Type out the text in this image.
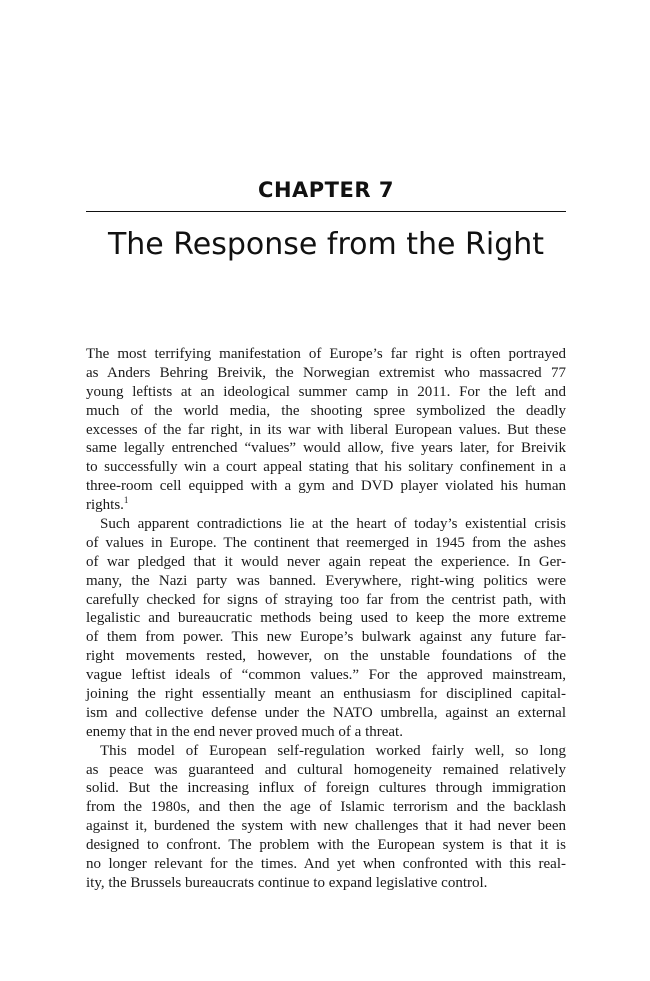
CHAPTER 7
The Response from the Right
The most terrifying manifestation of Europe’s far right is often portrayed
as Anders Behring Breivik, the Norwegian extremist who massacred 77
young leftists at an ideological summer camp in 2011. For the left and
much of the world media, the shooting spree symbolized the deadly
excesses of the far right, in its war with liberal European values. But these
same legally entrenched “values” would allow, five years later, for Breivik
to successfully win a court appeal stating that his solitary confinement in a
three-room cell equipped with a gym and DVD player violated his human
rights.$^1$
Such apparent contradictions lie at the heart of today’s existential crisis
of values in Europe. The continent that reemerged in 1945 from the ashes
of war pledged that it would never again repeat the experience. In Ger-
many, the Nazi party was banned. Everywhere, right-wing politics were
carefully checked for signs of straying too far from the centrist path, with
legalistic and bureaucratic methods being used to keep the more extreme
of them from power. This new Europe’s bulwark against any future far-
right movements rested, however, on the unstable foundations of the
vague leftist ideals of “common values.” For the approved mainstream,
joining the right essentially meant an enthusiasm for disciplined capital-
ism and collective defense under the NATO umbrella, against an external
enemy that in the end never proved much of a threat.
This model of European self-regulation worked fairly well, so long
as peace was guaranteed and cultural homogeneity remained relatively
solid. But the increasing influx of foreign cultures through immigration
from the 1980s, and then the age of Islamic terrorism and the backlash
against it, burdened the system with new challenges that it had never been
designed to confront. The problem with the European system is that it is
no longer relevant for the times. And yet when confronted with this real-
ity, the Brussels bureaucrats continue to expand legislative control.
